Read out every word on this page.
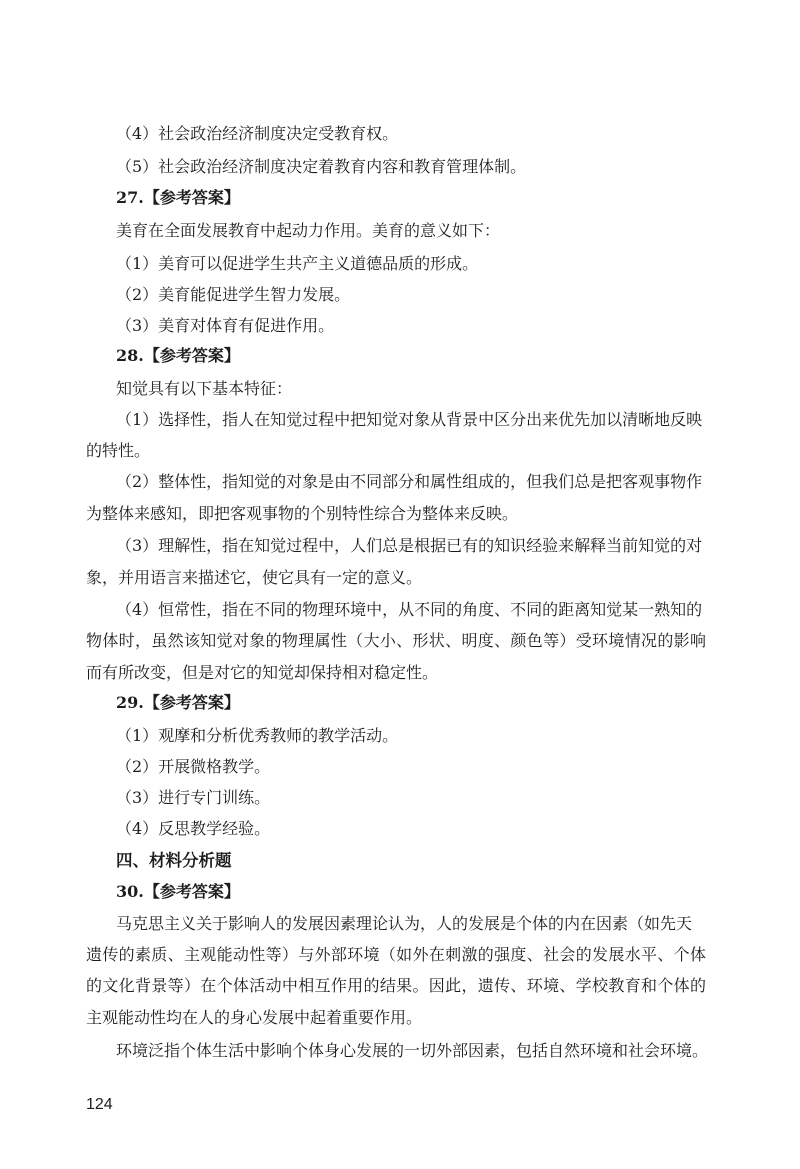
（4）社会政治经济制度决定受教育权。
（5）社会政治经济制度决定着教育内容和教育管理体制。
27.【参考答案】
美育在全面发展教育中起动力作用。美育的意义如下：
（1）美育可以促进学生共产主义道德品质的形成。
（2）美育能促进学生智力发展。
（3）美育对体育有促进作用。
28.【参考答案】
知觉具有以下基本特征：
（1）选择性，指人在知觉过程中把知觉对象从背景中区分出来优先加以清晰地反映
的特性。
（2）整体性，指知觉的对象是由不同部分和属性组成的，但我们总是把客观事物作
为整体来感知，即把客观事物的个别特性综合为整体来反映。
（3）理解性，指在知觉过程中，人们总是根据已有的知识经验来解释当前知觉的对
象，并用语言来描述它，使它具有一定的意义。
（4）恒常性，指在不同的物理环境中，从不同的角度、不同的距离知觉某一熟知的
物体时，虽然该知觉对象的物理属性（大小、形状、明度、颜色等）受环境情况的影响
而有所改变，但是对它的知觉却保持相对稳定性。
29.【参考答案】
（1）观摩和分析优秀教师的教学活动。
（2）开展微格教学。
（3）进行专门训练。
（4）反思教学经验。
四、材料分析题
30.【参考答案】
马克思主义关于影响人的发展因素理论认为，人的发展是个体的内在因素（如先天
遗传的素质、主观能动性等）与外部环境（如外在刺激的强度、社会的发展水平、个体
的文化背景等）在个体活动中相互作用的结果。因此，遗传、环境、学校教育和个体的
主观能动性均在人的身心发展中起着重要作用。
环境泛指个体生活中影响个体身心发展的一切外部因素，包括自然环境和社会环境。
124
